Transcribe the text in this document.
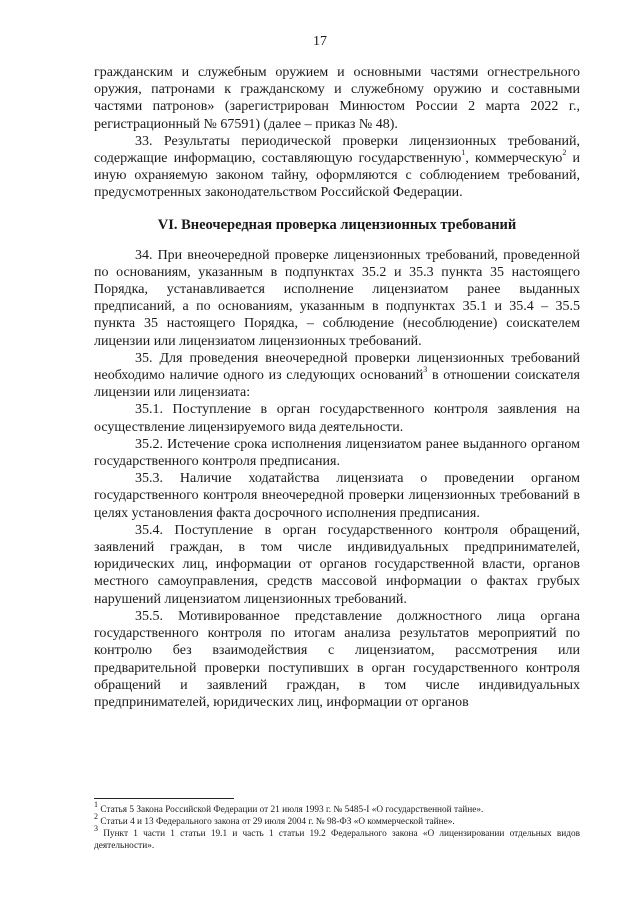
17

гражданским и служебным оружием и основными частями огнестрельного оружия, патронами к гражданскому и служебному оружию и составными частями патронов» (зарегистрирован Минюстом России 2 марта 2022 г., регистрационный № 67591) (далее – приказ № 48).

33. Результаты периодической проверки лицензионных требований, содержащие информацию, составляющую государственную$^1$, коммерческую$^2$ и иную охраняемую законом тайну, оформляются с соблюдением требований, предусмотренных законодательством Российской Федерации.

VI. Внеочередная проверка лицензионных требований

34. При внеочередной проверке лицензионных требований, проведенной по основаниям, указанным в подпунктах 35.2 и 35.3 пункта 35 настоящего Порядка, устанавливается исполнение лицензиатом ранее выданных предписаний, а по основаниям, указанным в подпунктах 35.1 и 35.4 – 35.5 пункта 35 настоящего Порядка, – соблюдение (несоблюдение) соискателем лицензии или лицензиатом лицензионных требований.

35. Для проведения внеочередной проверки лицензионных требований необходимо наличие одного из следующих оснований$^3$ в отношении соискателя лицензии или лицензиата:

35.1. Поступление в орган государственного контроля заявления на осуществление лицензируемого вида деятельности.

35.2. Истечение срока исполнения лицензиатом ранее выданного органом государственного контроля предписания.

35.3. Наличие ходатайства лицензиата о проведении органом государственного контроля внеочередной проверки лицензионных требований в целях установления факта досрочного исполнения предписания.

35.4. Поступление в орган государственного контроля обращений, заявлений граждан, в том числе индивидуальных предпринимателей, юридических лиц, информации от органов государственной власти, органов местного самоуправления, средств массовой информации о фактах грубых нарушений лицензиатом лицензионных требований.

35.5. Мотивированное представление должностного лица органа государственного контроля по итогам анализа результатов мероприятий по контролю без взаимодействия с лицензиатом, рассмотрения или предварительной проверки поступивших в орган государственного контроля обращений и заявлений граждан, в том числе индивидуальных предпринимателей, юридических лиц, информации от органов

$^1$ Статья 5 Закона Российской Федерации от 21 июля 1993 г. № 5485-I «О государственной тайне».

$^2$ Статьи 4 и 13 Федерального закона от 29 июля 2004 г. № 98-ФЗ «О коммерческой тайне».

$^3$ Пункт 1 части 1 статьи 19.1 и часть 1 статьи 19.2 Федерального закона «О лицензировании отдельных видов деятельности».
